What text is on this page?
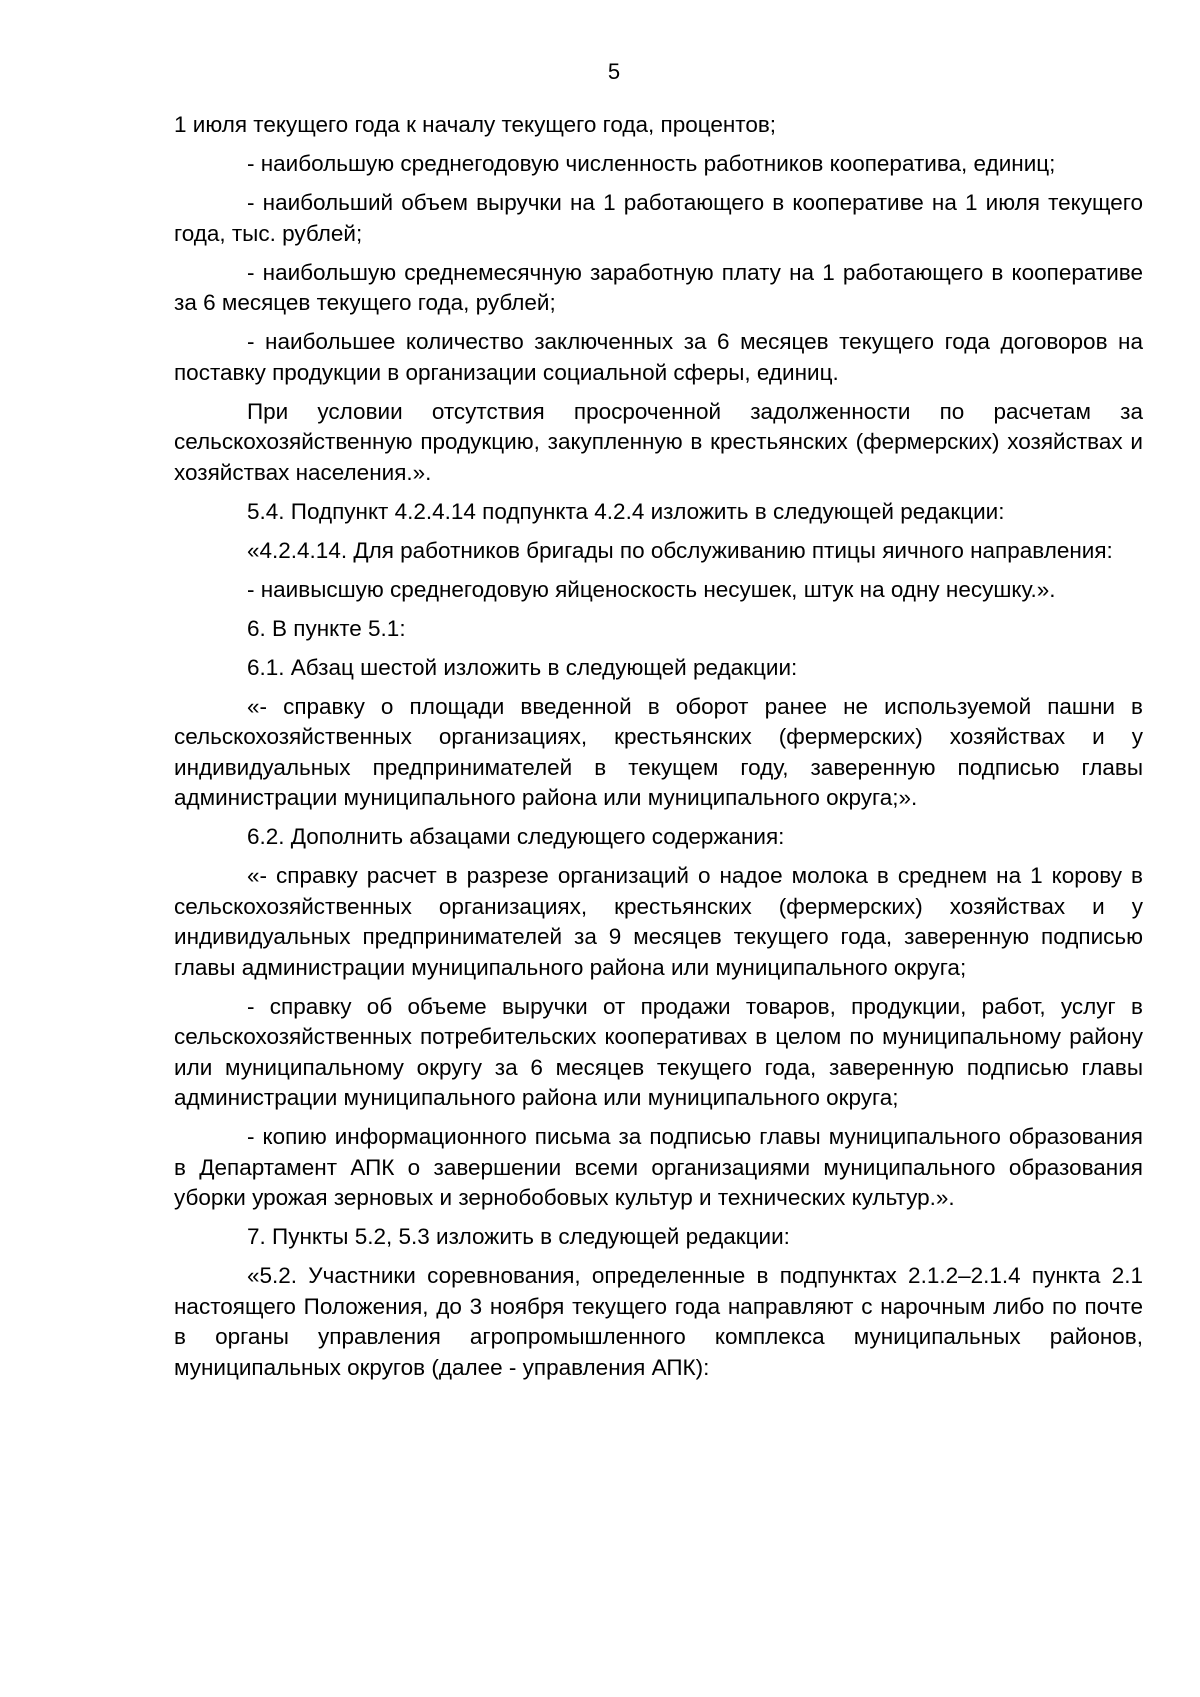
5

1 июля текущего года к началу текущего года, процентов;

- наибольшую среднегодовую численность работников кооператива, единиц;

- наибольший объем выручки на 1 работающего в кооперативе на 1 июля текущего года, тыс. рублей;

- наибольшую среднемесячную заработную плату на 1 работающего в кооперативе за 6 месяцев текущего года, рублей;

- наибольшее количество заключенных за 6 месяцев текущего года договоров на поставку продукции в организации социальной сферы, единиц.

При условии отсутствия просроченной задолженности по расчетам за сельскохозяйственную продукцию, закупленную в крестьянских (фермерских) хозяйствах и хозяйствах населения.».

5.4. Подпункт 4.2.4.14 подпункта 4.2.4 изложить в следующей редакции:

«4.2.4.14. Для работников бригады по обслуживанию птицы яичного направления:

- наивысшую среднегодовую яйценоскость несушек, штук на одну несушку.».

6. В пункте 5.1:

6.1. Абзац шестой изложить в следующей редакции:

«- справку о площади введенной в оборот ранее не используемой пашни в сельскохозяйственных организациях, крестьянских (фермерских) хозяйствах и у индивидуальных предпринимателей в текущем году, заверенную подписью главы администрации муниципального района или муниципального округа;».

6.2. Дополнить абзацами следующего содержания:

«- справку расчет в разрезе организаций о надое молока в среднем на 1 корову в сельскохозяйственных организациях, крестьянских (фермерских) хозяйствах и у индивидуальных предпринимателей за 9 месяцев текущего года, заверенную подписью главы администрации муниципального района или муниципального округа;

- справку об объеме выручки от продажи товаров, продукции, работ, услуг в сельскохозяйственных потребительских кооперативах в целом по муниципальному району или муниципальному округу за 6 месяцев текущего года, заверенную подписью главы администрации муниципального района или муниципального округа;

- копию информационного письма за подписью главы муниципального образования в Департамент АПК о завершении всеми организациями муниципального образования уборки урожая зерновых и зернобобовых культур и технических культур.».

7. Пункты 5.2, 5.3 изложить в следующей редакции:

«5.2. Участники соревнования, определенные в подпунктах 2.1.2–2.1.4 пункта 2.1 настоящего Положения, до 3 ноября текущего года направляют с нарочным либо по почте в органы управления агропромышленного комплекса муниципальных районов, муниципальных округов (далее - управления АПК):
